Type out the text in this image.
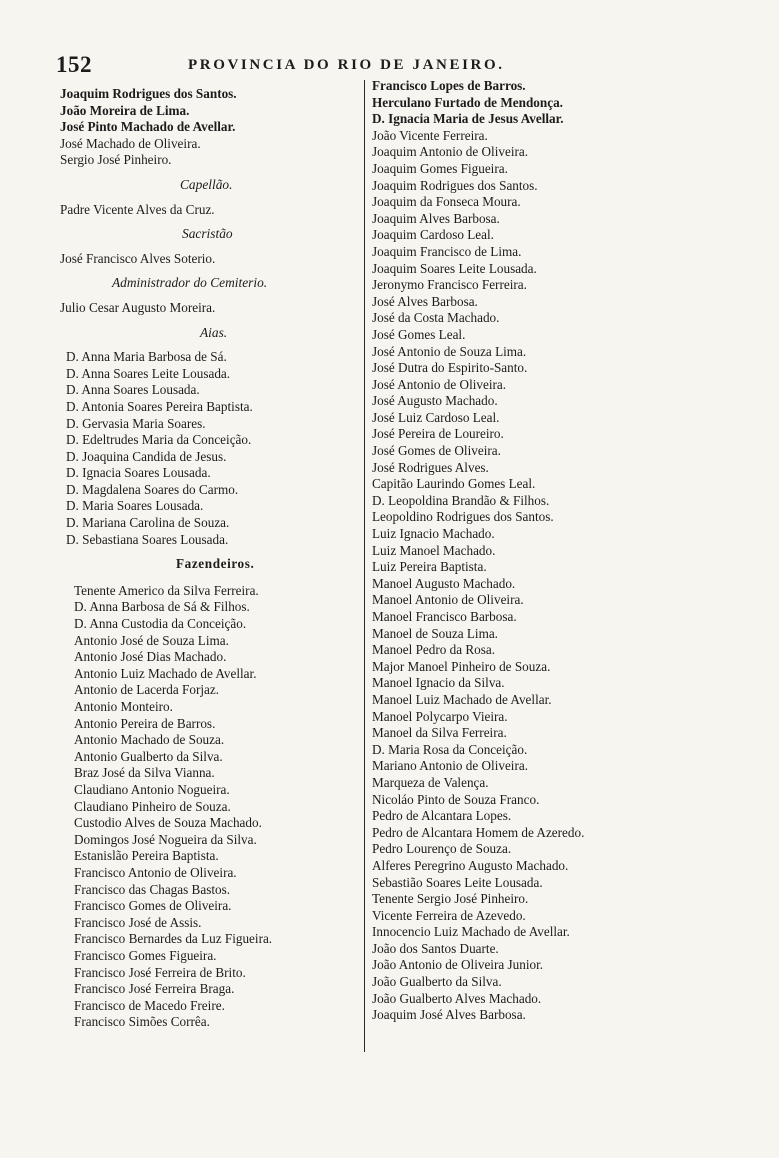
152	PROVINCIA DO RIO DE JANEIRO.
Joaquim Rodrigues dos Santos.
João Moreira de Lima.
José Pinto Machado de Avellar.
José Machado de Oliveira.
Sergio José Pinheiro.
Capellão.
Padre Vicente Alves da Cruz.
Sacristão
José Francisco Alves Soterio.
Administrador do Cemiterio.
Julio Cesar Augusto Moreira.
Aias.
D. Anna Maria Barbosa de Sá.
D. Anna Soares Leite Lousada.
D. Anna Soares Lousada.
D. Antonia Soares Pereira Baptista.
D. Gervasia Maria Soares.
D. Edeltrudes Maria da Conceição.
D. Joaquina Candida de Jesus.
D. Ignacia Soares Lousada.
D. Magdalena Soares do Carmo.
D. Maria Soares Lousada.
D. Mariana Carolina de Souza.
D. Sebastiana Soares Lousada.
Fazendeiros.
Tenente Americo da Silva Ferreira.
D. Anna Barbosa de Sá & Filhos.
D. Anna Custodia da Conceição.
Antonio José de Souza Lima.
Antonio José Dias Machado.
Antonio Luiz Machado de Avellar.
Antonio de Lacerda Forjaz.
Antonio Monteiro.
Antonio Pereira de Barros.
Antonio Machado de Souza.
Antonio Gualberto da Silva.
Braz José da Silva Vianna.
Claudiano Antonio Nogueira.
Claudiano Pinheiro de Souza.
Custodio Alves de Souza Machado.
Domingos José Nogueira da Silva.
Estanislão Pereira Baptista.
Francisco Antonio de Oliveira.
Francisco das Chagas Bastos.
Francisco Gomes de Oliveira.
Francisco José de Assis.
Francisco Bernardes da Luz Figueira.
Francisco Gomes Figueira.
Francisco José Ferreira de Brito.
Francisco José Ferreira Braga.
Francisco de Macedo Freire.
Francisco Simões Corrêa.
Francisco Lopes de Barros.
Herculano Furtado de Mendonça.
D. Ignacia Maria de Jesus Avellar.
João Vicente Ferreira.
Joaquim Antonio de Oliveira.
Joaquim Gomes Figueira.
Joaquim Rodrigues dos Santos.
Joaquim da Fonseca Moura.
Joaquim Alves Barbosa.
Joaquim Cardoso Leal.
Joaquim Francisco de Lima.
Joaquim Soares Leite Lousada.
Jeronymo Francisco Ferreira.
José Alves Barbosa.
José da Costa Machado.
José Gomes Leal.
José Antonio de Souza Lima.
José Dutra do Espirito-Santo.
José Antonio de Oliveira.
José Augusto Machado.
José Luiz Cardoso Leal.
José Pereira de Loureiro.
José Gomes de Oliveira.
José Rodrigues Alves.
Capitão Laurindo Gomes Leal.
D. Leopoldina Brandão & Filhos.
Leopoldino Rodrigues dos Santos.
Luiz Ignacio Machado.
Luiz Manoel Machado.
Luiz Pereira Baptista.
Manoel Augusto Machado.
Manoel Antonio de Oliveira.
Manoel Francisco Barbosa.
Manoel de Souza Lima.
Manoel Pedro da Rosa.
Major Manoel Pinheiro de Souza.
Manoel Ignacio da Silva.
Manoel Luiz Machado de Avellar.
Manoel Polycarpo Vieira.
Manoel da Silva Ferreira.
D. Maria Rosa da Conceição.
Mariano Antonio de Oliveira.
Marqueza de Valença.
Nicoláo Pinto de Souza Franco.
Pedro de Alcantara Lopes.
Pedro de Alcantara Homem de Azeredo.
Pedro Lourenço de Souza.
Alferes Peregrino Augusto Machado.
Sebastião Soares Leite Lousada.
Tenente Sergio José Pinheiro.
Vicente Ferreira de Azevedo.
Innocencio Luiz Machado de Avellar.
João dos Santos Duarte.
João Antonio de Oliveira Junior.
João Gualberto da Silva.
João Gualberto Alves Machado.
Joaquim José Alves Barbosa.
